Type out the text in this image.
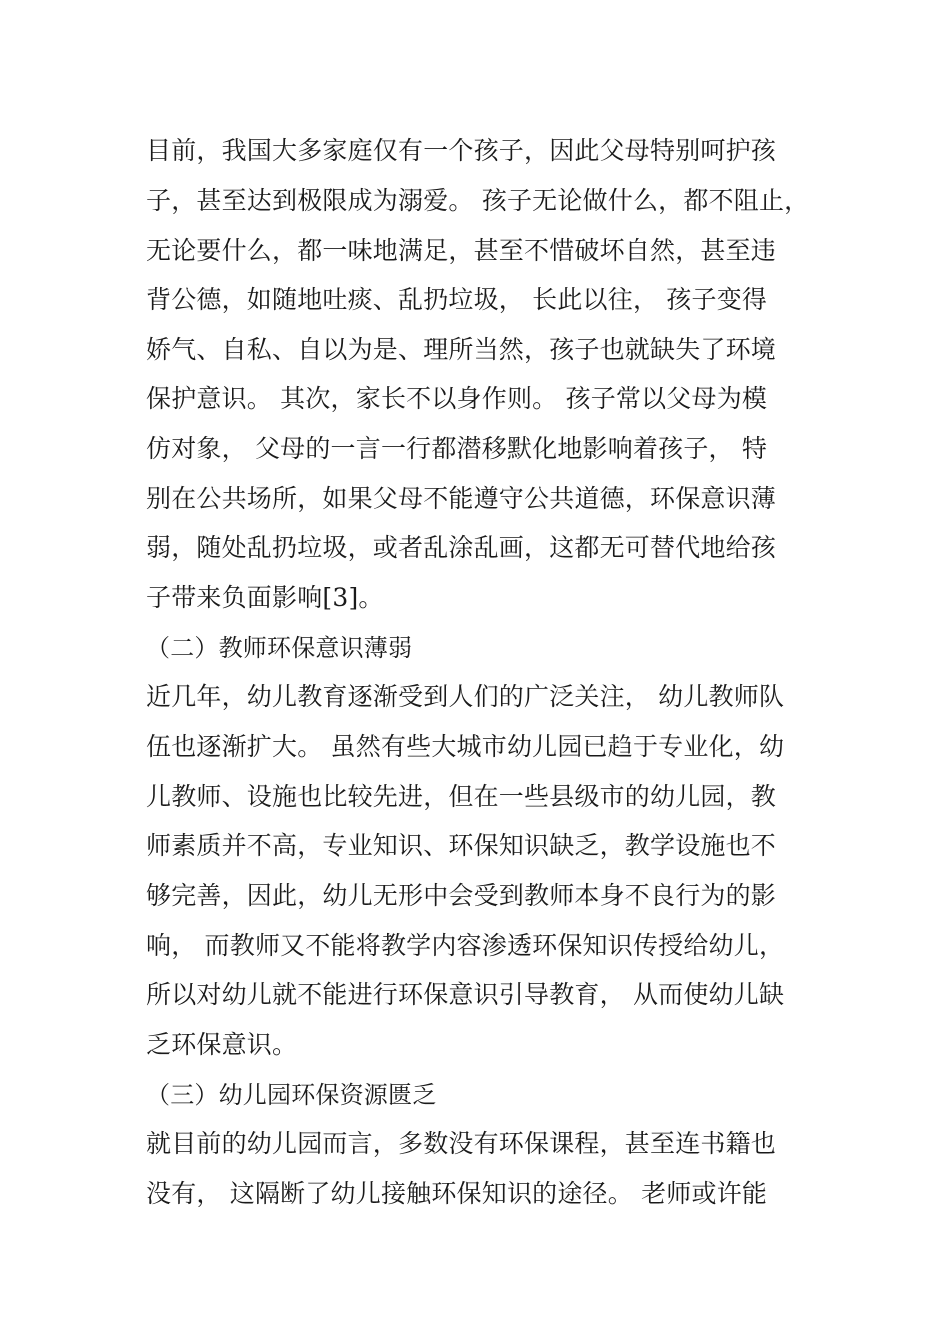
目前，我国大多家庭仅有一个孩子，因此父母特别呵护孩
子，甚至达到极限成为溺爱。 孩子无论做什么，都不阻止，
无论要什么，都一味地满足，甚至不惜破坏自然，甚至违
背公德，如随地吐痰、乱扔垃圾， 长此以往， 孩子变得
娇气、自私、自以为是、理所当然，孩子也就缺失了环境
保护意识。 其次，家长不以身作则。 孩子常以父母为模
仿对象， 父母的一言一行都潜移默化地影响着孩子， 特
别在公共场所，如果父母不能遵守公共道德，环保意识薄
弱，随处乱扔垃圾，或者乱涂乱画，这都无可替代地给孩
子带来负面影响[3]。
（二）教师环保意识薄弱
近几年，幼儿教育逐渐受到人们的广泛关注， 幼儿教师队
伍也逐渐扩大。 虽然有些大城市幼儿园已趋于专业化，幼
儿教师、设施也比较先进，但在一些县级市的幼儿园，教
师素质并不高，专业知识、环保知识缺乏，教学设施也不
够完善，因此，幼儿无形中会受到教师本身不良行为的影
响， 而教师又不能将教学内容渗透环保知识传授给幼儿，
所以对幼儿就不能进行环保意识引导教育， 从而使幼儿缺
乏环保意识。
（三）幼儿园环保资源匮乏
就目前的幼儿园而言，多数没有环保课程，甚至连书籍也
没有， 这隔断了幼儿接触环保知识的途径。 老师或许能
